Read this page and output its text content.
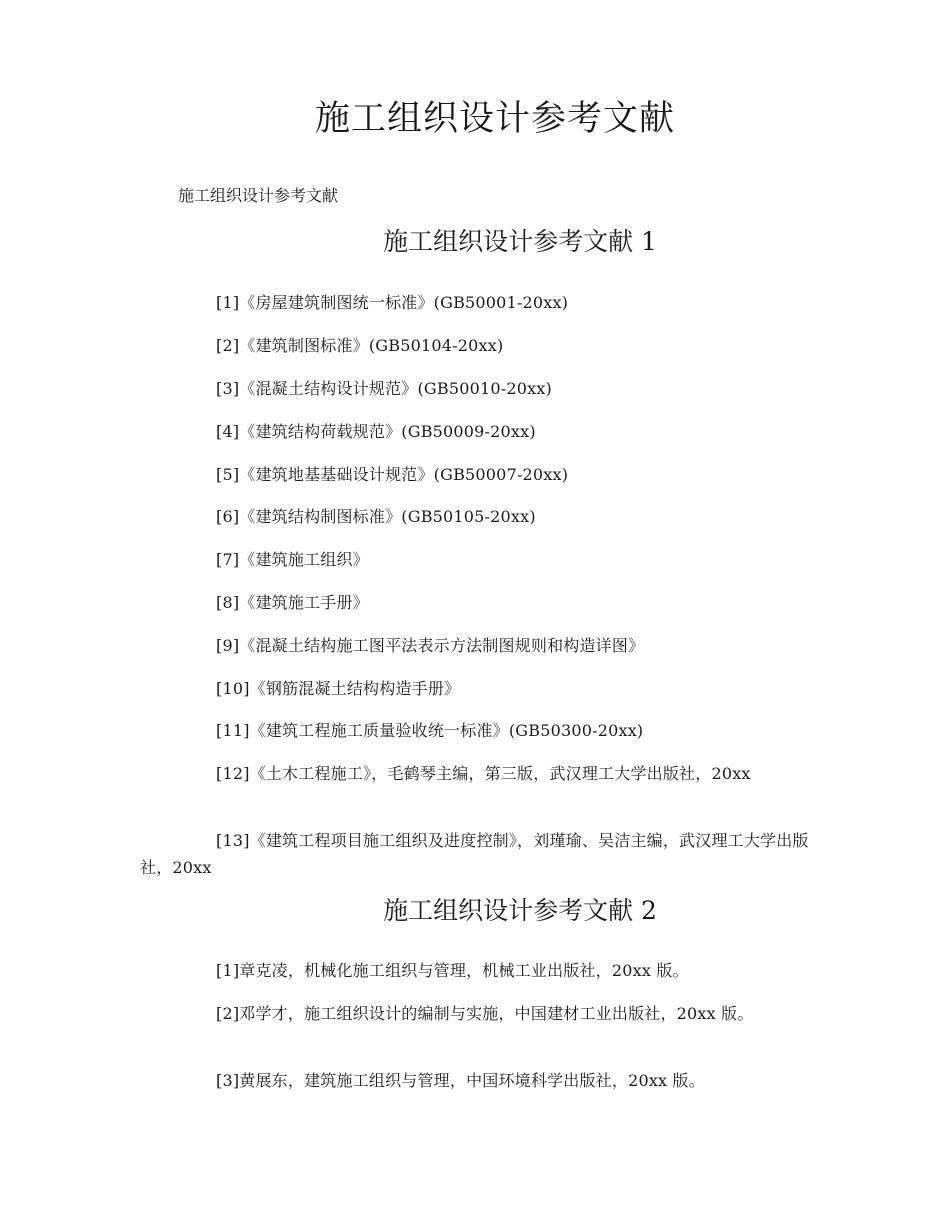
施工组织设计参考文献
施工组织设计参考文献
施工组织设计参考文献 1
[1]《房屋建筑制图统一标准》(GB50001-20xx)
[2]《建筑制图标准》(GB50104-20xx)
[3]《混凝土结构设计规范》(GB50010-20xx)
[4]《建筑结构荷载规范》(GB50009-20xx)
[5]《建筑地基基础设计规范》(GB50007-20xx)
[6]《建筑结构制图标准》(GB50105-20xx)
[7]《建筑施工组织》
[8]《建筑施工手册》
[9]《混凝土结构施工图平法表示方法制图规则和构造详图》
[10]《钢筋混凝土结构构造手册》
[11]《建筑工程施工质量验收统一标准》(GB50300-20xx)
[12]《土木工程施工》，毛鹤琴主编，第三版，武汉理工大学出版社，20xx
[13]《建筑工程项目施工组织及进度控制》，刘瑾瑜、吴洁主编，武汉理工大学出版社，20xx
施工组织设计参考文献 2
[1]章克凌，机械化施工组织与管理，机械工业出版社，20xx 版。
[2]邓学才，施工组织设计的编制与实施，中国建材工业出版社，20xx 版。
[3]黄展东，建筑施工组织与管理，中国环境科学出版社，20xx 版。
